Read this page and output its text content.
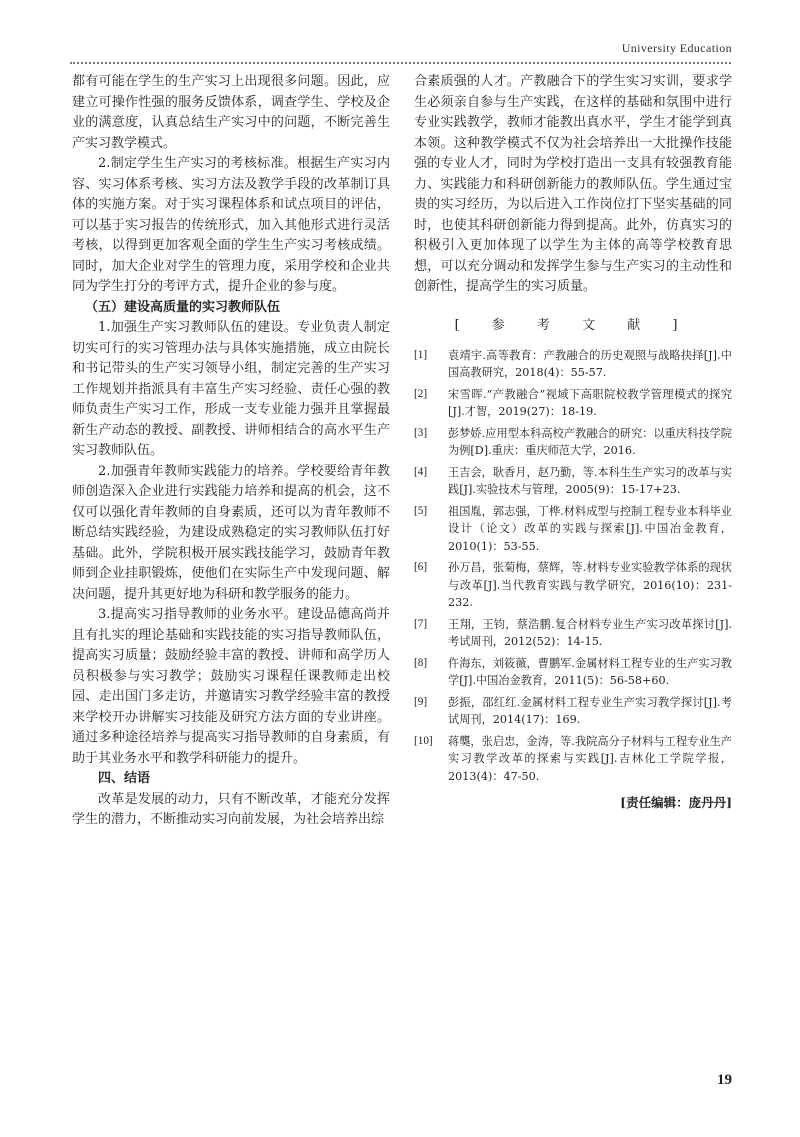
University Education

都有可能在学生的生产实习上出现很多问题。因此，应建立可操作性强的服务反馈体系，调查学生、学校及企业的满意度，认真总结生产实习中的问题，不断完善生产实习教学模式。

2.制定学生生产实习的考核标准。根据生产实习内容、实习体系考核、实习方法及教学手段的改革制订具体的实施方案。对于实习课程体系和试点项目的评估，可以基于实习报告的传统形式，加入其他形式进行灵活考核，以得到更加客观全面的学生生产实习考核成绩。同时，加大企业对学生的管理力度，采用学校和企业共同为学生打分的考评方式，提升企业的参与度。

（五）建设高质量的实习教师队伍

1.加强生产实习教师队伍的建设。专业负责人制定切实可行的实习管理办法与具体实施措施，成立由院长和书记带头的生产实习领导小组，制定完善的生产实习工作规划并指派具有丰富生产实习经验、责任心强的教师负责生产实习工作，形成一支专业能力强并且掌握最新生产动态的教授、副教授、讲师相结合的高水平生产实习教师队伍。

2.加强青年教师实践能力的培养。学校要给青年教师创造深入企业进行实践能力培养和提高的机会，这不仅可以强化青年教师的自身素质，还可以为青年教师不断总结实践经验，为建设成熟稳定的实习教师队伍打好基础。此外，学院积极开展实践技能学习，鼓励青年教师到企业挂职锻炼，使他们在实际生产中发现问题、解决问题，提升其更好地为科研和教学服务的能力。

3.提高实习指导教师的业务水平。建设品德高尚并且有扎实的理论基础和实践技能的实习指导教师队伍，提高实习质量；鼓励经验丰富的教授、讲师和高学历人员积极参与实习教学；鼓励实习课程任课教师走出校园、走出国门多走访，并邀请实习教学经验丰富的教授来学校开办讲解实习技能及研究方法方面的专业讲座。通过多种途径培养与提高实习指导教师的自身素质，有助于其业务水平和教学科研能力的提升。

四、结语

改革是发展的动力，只有不断改革，才能充分发挥学生的潜力，不断推动实习向前发展，为社会培养出综

合素质强的人才。产教融合下的学生实习实训，要求学生必须亲自参与生产实践，在这样的基础和氛围中进行专业实践教学，教师才能教出真水平，学生才能学到真本领。这种教学模式不仅为社会培养出一大批操作技能强的专业人才，同时为学校打造出一支具有较强教育能力、实践能力和科研创新能力的教师队伍。学生通过宝贵的实习经历，为以后进入工作岗位打下坚实基础的同时，也使其科研创新能力得到提高。此外，仿真实习的积极引入更加体现了以学生为主体的高等学校教育思想，可以充分调动和发挥学生参与生产实习的主动性和创新性，提高学生的实习质量。

[ 参 考 文 献 ]
[1] 袁靖宇.高等教育：产教融合的历史观照与战略抉择[J].中国高教研究，2018(4)：55-57.
[2] 宋雪晖.“产教融合”视域下高职院校教学管理模式的探究[J].才智，2019(27)：18-19.
[3] 彭梦娇.应用型本科高校产教融合的研究：以重庆科技学院为例[D].重庆：重庆师范大学，2016.
[4] 王吉会，耿香月，赵乃勤，等.本科生生产实习的改革与实践[J].实验技术与管理，2005(9)：15-17+23.
[5] 祖国胤，郭志强，丁桦.材料成型与控制工程专业本科毕业设计（论文）改革的实践与探索[J].中国冶金教育，2010(1)：53-55.
[6] 孙万昌，张菊梅，蔡辉，等.材料专业实验教学体系的现状与改革[J].当代教育实践与教学研究，2016(10)：231-232.
[7] 王翔，王钧，蔡浩鹏.复合材料专业生产实习改革探讨[J].考试周刊，2012(52)：14-15.
[8] 仵海东，刘筱薇，曹鹏军.金属材料工程专业的生产实习教学[J].中国冶金教育，2011(5)：56-58+60.
[9] 彭振，邵红红.金属材料工程专业生产实习教学探讨[J].考试周刊，2014(17)：169.
[10] 蒋龑，张启忠，金涛，等.我院高分子材料与工程专业生产实习教学改革的探索与实践[J].吉林化工学院学报，2013(4)：47-50.
[责任编辑：庞丹丹]
19
